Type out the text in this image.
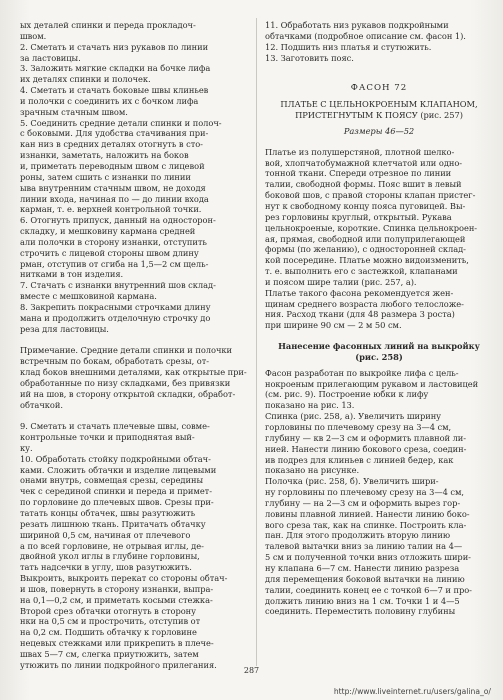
ых деталей спинки и переда прокладоч-

швом.

2. Сметать и стачать низ рукавов по линии

за ластовицы.

3. Заложить мягкие складки на бочке лифа

их деталях спинки и полочек.

4. Сметать и стачать боковые швы клиньев

и полочки с соединить их с бочком лифа

зрачным стачным швом.

5. Соединить средние детали спинки и полоч-

с боковыми. Для удобства стачивания при-

кан низ в средних деталях отогнуть в сто-

изнанки, заметать, наложить на боков

и, приметать переводным швом с лицевой

роны, затем сшить с изнанки по линии

ыва внутренним стачным швом, не доходя

линии входа, начиная по — до линии входа

карман, т. е. верхней контрольной точки.

6. Отогнуть припуск, данный на односторон-

складку, и мешковину кармана средней

али полочки в сторону изнанки, отступить

строчить с лицевой стороны швом длину

рман, отступив от сгиба на 1,5—2 см щель-

нитками в тон изделия.

7. Стачать с изнанки внутренний шов склад-

вместе с мешковиной кармана.

8. Закрепить покрасными строчками длину

мана и продолжить отделочную строчку до

реза для ластовицы.

Примечание. Средние детали спинки и полочки

встречным по бокам, обработать срезы, от-

клад боков внешними деталями, как открытые при-

обработанные по низу складками, без привязки

ий на шов, в сторону открытой складки, обработ-

обтачкой.

9. Сметать и стачать плечевые швы, совме-

контрольные точки и приподнятая вый-

ку.

10. Обработать стойку подкройными обтач-

ками. Сложить обтачки и изделие лицевыми

онами внутрь, совмещая срезы, середины

чек с серединой спинки и переда и примет-

по горловине до плечевых швов. Срезы при-

татать концы обтачек, швы разутюжить

резать лишнюю ткань. Притачать обтачку

шириной 0,5 см, начиная от плечевого

а по всей горловине, не отрывая иглы, де-

двойной укол иглы в глубине горловины,

тать надсечки в углу, шов разутюжить.

Выкроить, выкроить перекат со стороны обтач-

и шов, повернуть в сторону изнанки, выпра-

на 0,1—0,2 см, и приметать косыми стежка-

Второй срез обтачки отогнуть в сторону

нки на 0,5 см и прострочить, отступив от

на 0,2 см. Подшить обтачку к горловине

нецевых стежками или прикрепить в плече-

швах 5—7 см, слегка приутюжить, затем

утюжить по линии подкройного прилегания.

11. Обработать низ рукавов подкройными

обтачками (подробное описание см. фасон 1).

12. Подшить низ платья и стутюжить.

13. Заготовить пояс.

ФАСОН 72

ПЛАТЬЕ С ЦЕЛЬНОКРОЕНЫМ КЛАПАНОМ,

ПРИСТЕГНУТЫМ К ПОЯСУ (рис. 257)

Размеры 46—52

Платье из полушерстяной, плотной шелко-

вой, хлопчатобумажной клетчатой или одно-

тонной ткани. Спереди отрезное по линии

талии, свободной формы. Пояс вшит в левый

боковой шов, с правой стороны клапан пристег-

нут к свободному концу пояса пуговицей. Вы-

рез горловины круглый, открытый. Рукава

цельнокроеные, короткие. Спинка цельнокроен-

ая, прямая, свободной или полуприлегающей

формы (по желанию), с односторонней склад-

кой посередине. Платье можно видоизменить,

т. е. выполнить его с застежкой, клапанами

и поясом шире талии (рис. 257, а).

Платье такого фасона рекомендуется жен-

щинам среднего возраста любого телосложе-

ния. Расход ткани (для 48 размера 3 роста)

при ширине 90 см — 2 м 50 см.

Нанесение фасонных линий на выкройку

(рис. 258)

Фасон разработан по выкройке лифа с цель-

нокроеным прилегающим рукавом и ластовицей

(см. рис. 9). Построение юбки к лифу

показано на рис. 13.

Спинка (рис. 258, а). Увеличить ширину

горловины по плечевому срезу на 3—4 см,

глубину — кв 2—3 см и оформить плавной ли-

нией. Нанести линию бокового среза, соедин-

ив подрез для клиньев с линией бедер, как

показано на рисунке.

Полочка (рис. 258, б). Увеличить шири-

ну горловины по плечевому срезу на 3—4 см,

глубину — на 2—3 см и оформить вырез гор-

ловины плавной линией. Нанести линию боко-

вого среза так, как на спинке. Построить кла-

пан. Для этого продолжить вторую линию

талевой вытачки вниз за линию талии на 4—

5 см и полученной точки вниз отложить шири-

ну клапана 6—7 см. Нанести линию разреза

для перемещения боковой вытачки на линию

талии, соединить конец ее с точкой 6—7 и про-

должить линию вниз на 1 см. Точки 1 и 4—5

соединить. Переместить половину глубины

287
http://www.liveinternet.ru/users/galina_o/
